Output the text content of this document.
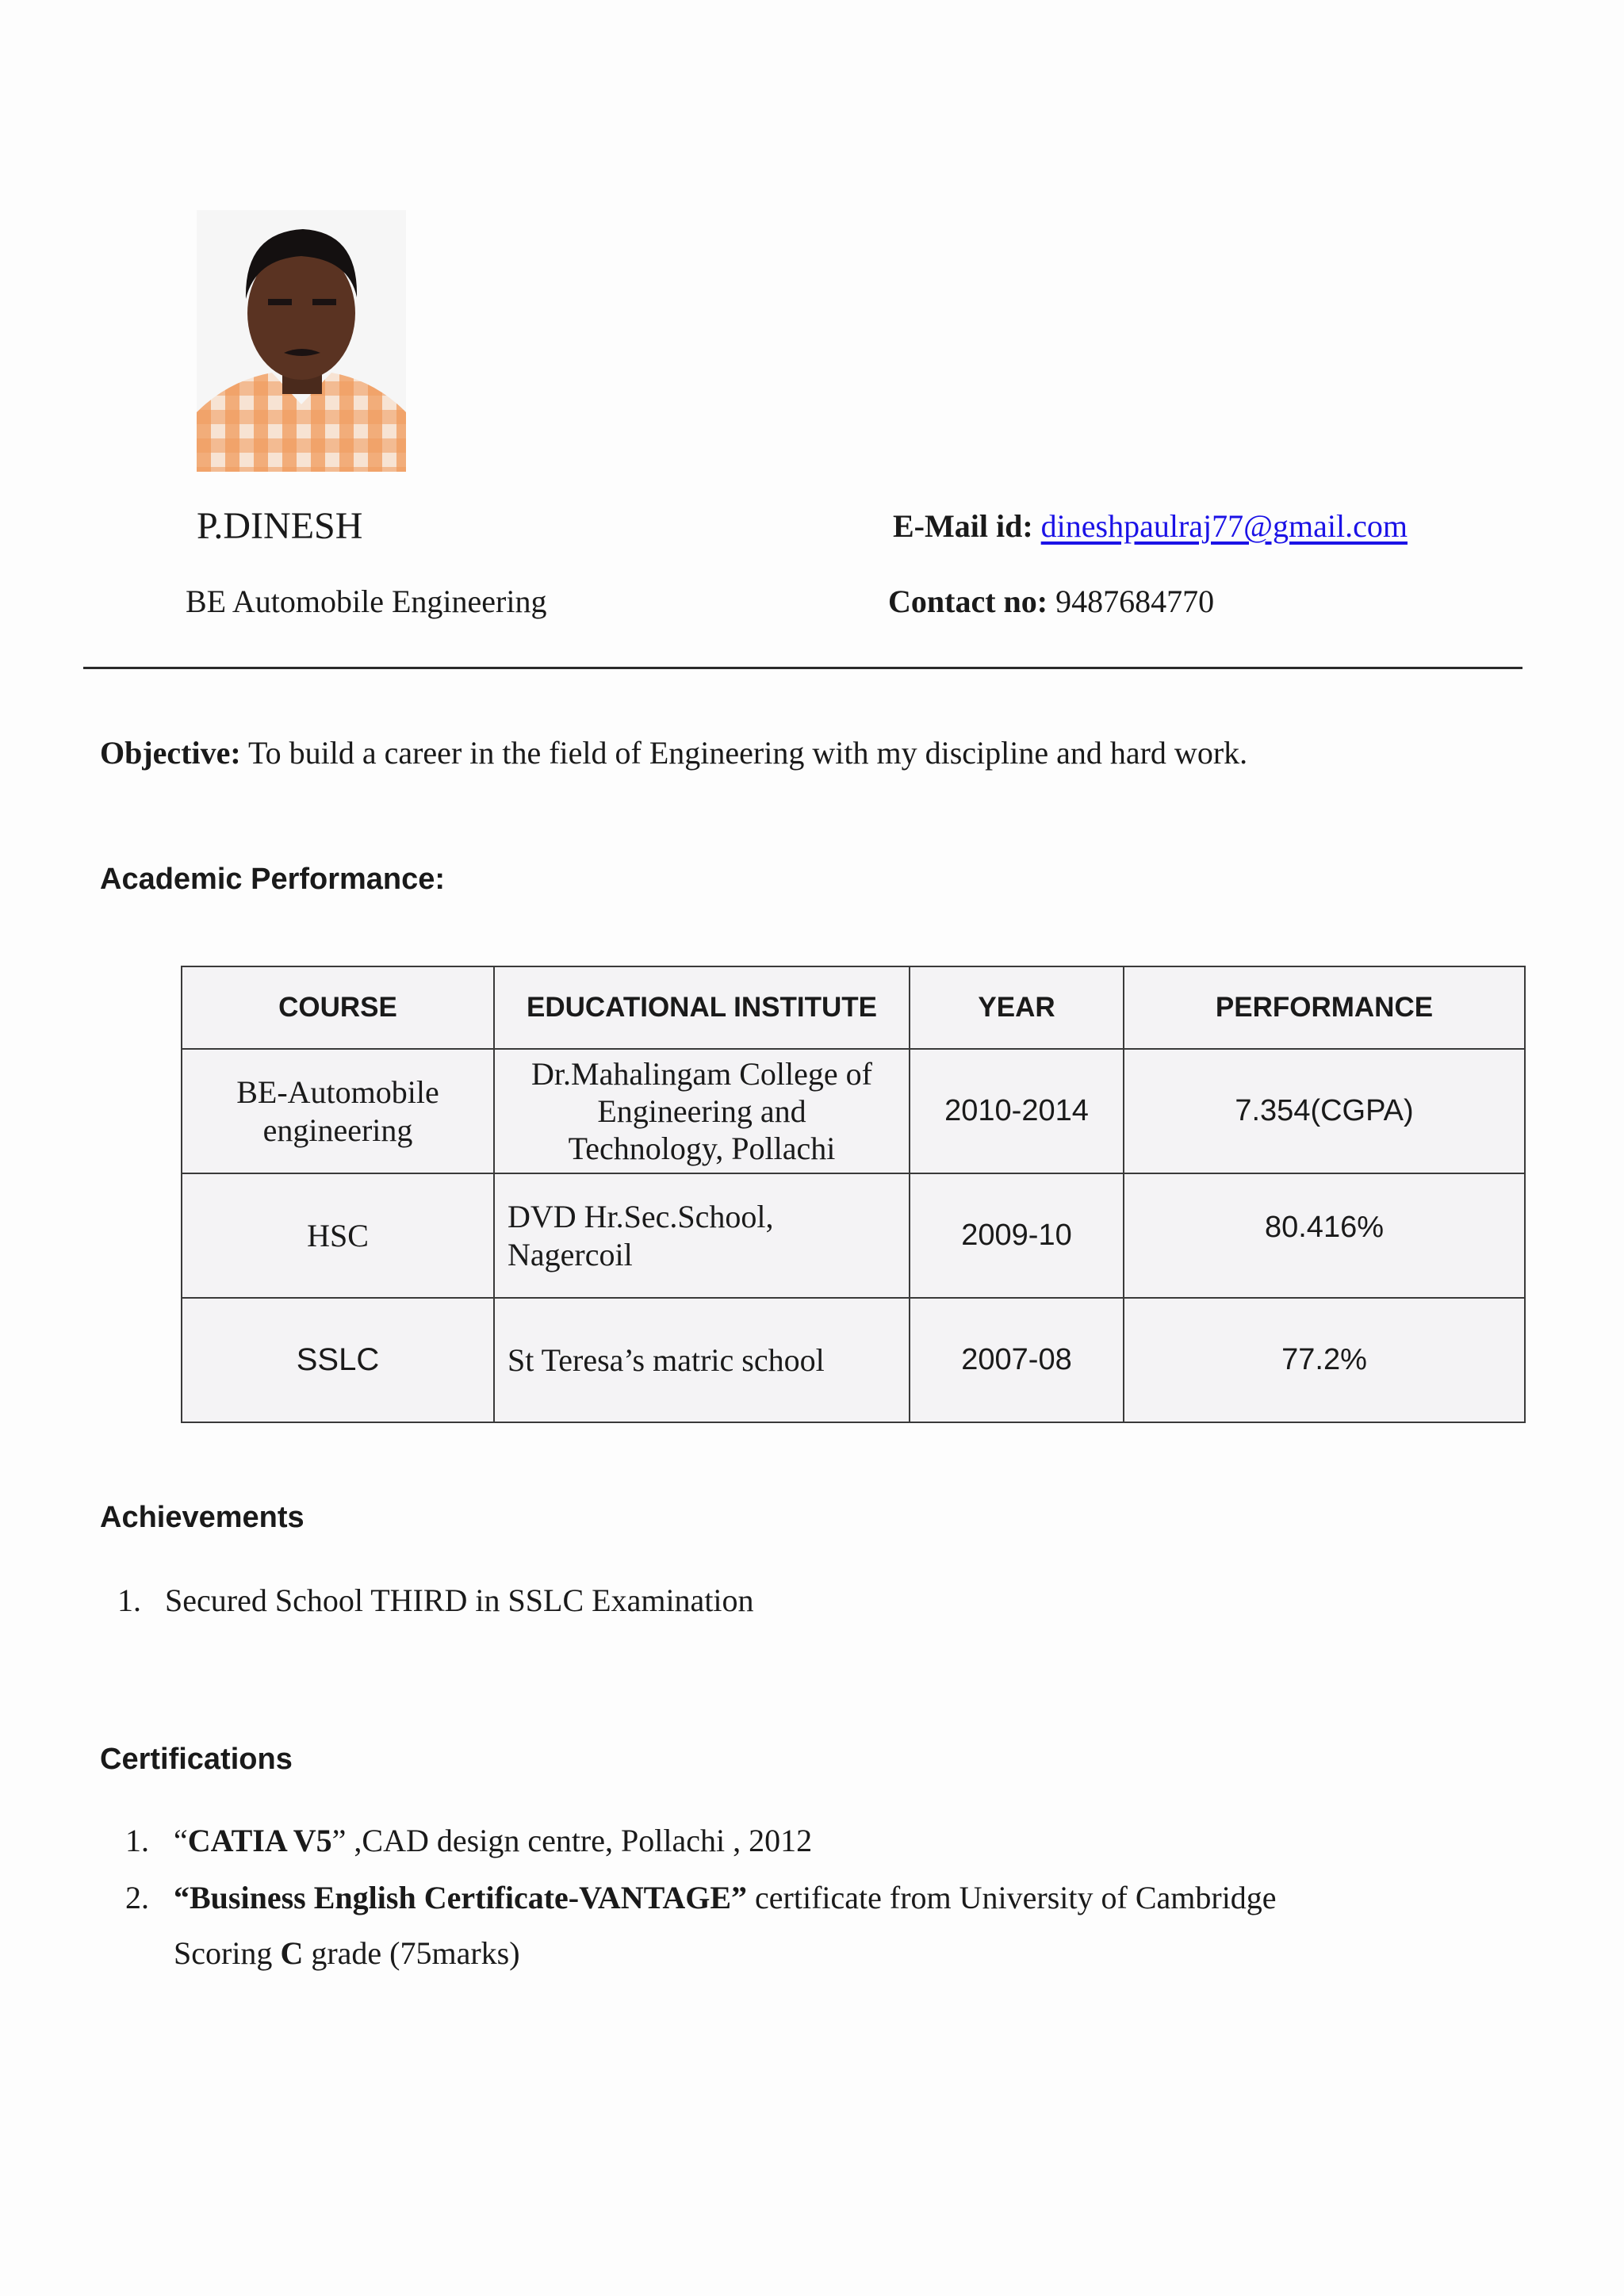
P.DINESH
BE Automobile Engineering
E-Mail id: dineshpaulraj77@gmail.com
Contact no: 9487684770
Objective: To build a career in the field of Engineering with my discipline and hard work.
Academic Performance:
COURSE	EDUCATIONAL INSTITUTE	YEAR	PERFORMANCE
BE-Automobile engineering	Dr.Mahalingam College of Engineering and Technology, Pollachi	2010-2014	7.354(CGPA)
HSC	DVD Hr.Sec.School, Nagercoil	2009-10	80.416%
SSLC	St Teresa’s matric school	2007-08	77.2%
Achievements
1. Secured School THIRD in SSLC Examination
Certifications
1. “CATIA V5” ,CAD design centre, Pollachi , 2012
2. “Business English Certificate-VANTAGE” certificate from University of Cambridge
Scoring C grade (75marks)
